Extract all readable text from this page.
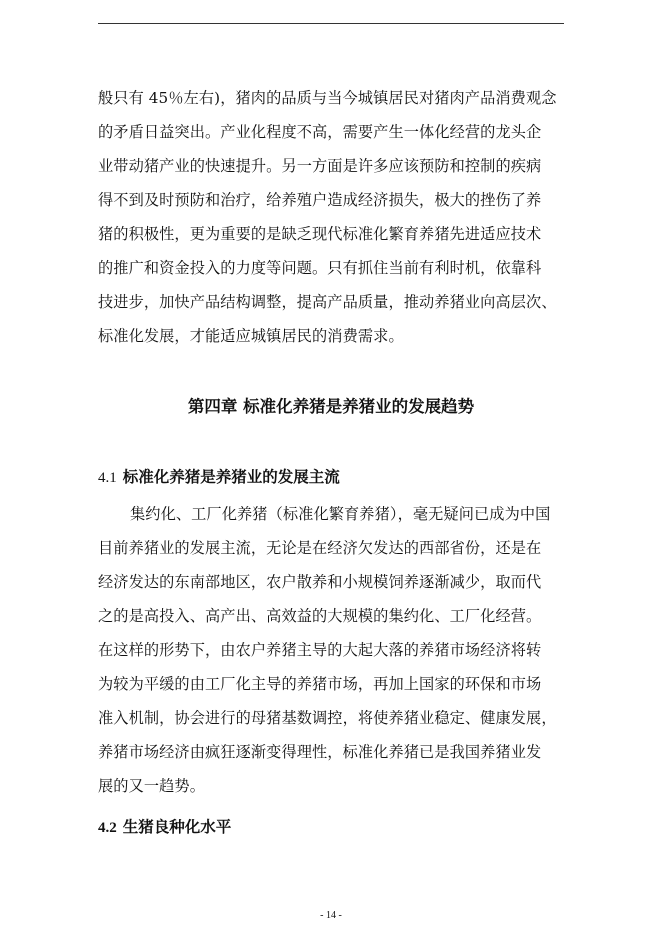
般只有 45％左右)，猪肉的品质与当今城镇居民对猪肉产品消费观念
的矛盾日益突出。产业化程度不高，需要产生一体化经营的龙头企
业带动猪产业的快速提升。另一方面是许多应该预防和控制的疾病
得不到及时预防和治疗，给养殖户造成经济损失，极大的挫伤了养
猪的积极性，更为重要的是缺乏现代标准化繁育养猪先进适应技术
的推广和资金投入的力度等问题。只有抓住当前有利时机，依靠科
技进步，加快产品结构调整，提高产品质量，推动养猪业向高层次、
标准化发展，才能适应城镇居民的消费需求。
第四章 标准化养猪是养猪业的发展趋势
4.1 标准化养猪是养猪业的发展主流
集约化、工厂化养猪（标准化繁育养猪），毫无疑问已成为中国
目前养猪业的发展主流，无论是在经济欠发达的西部省份，还是在
经济发达的东南部地区，农户散养和小规模饲养逐渐减少，取而代
之的是高投入、高产出、高效益的大规模的集约化、工厂化经营。
在这样的形势下，由农户养猪主导的大起大落的养猪市场经济将转
为较为平缓的由工厂化主导的养猪市场，再加上国家的环保和市场
准入机制，协会进行的母猪基数调控，将使养猪业稳定、健康发展，
养猪市场经济由疯狂逐渐变得理性，标准化养猪已是我国养猪业发
展的又一趋势。
4.2 生猪良种化水平
- 14 -
